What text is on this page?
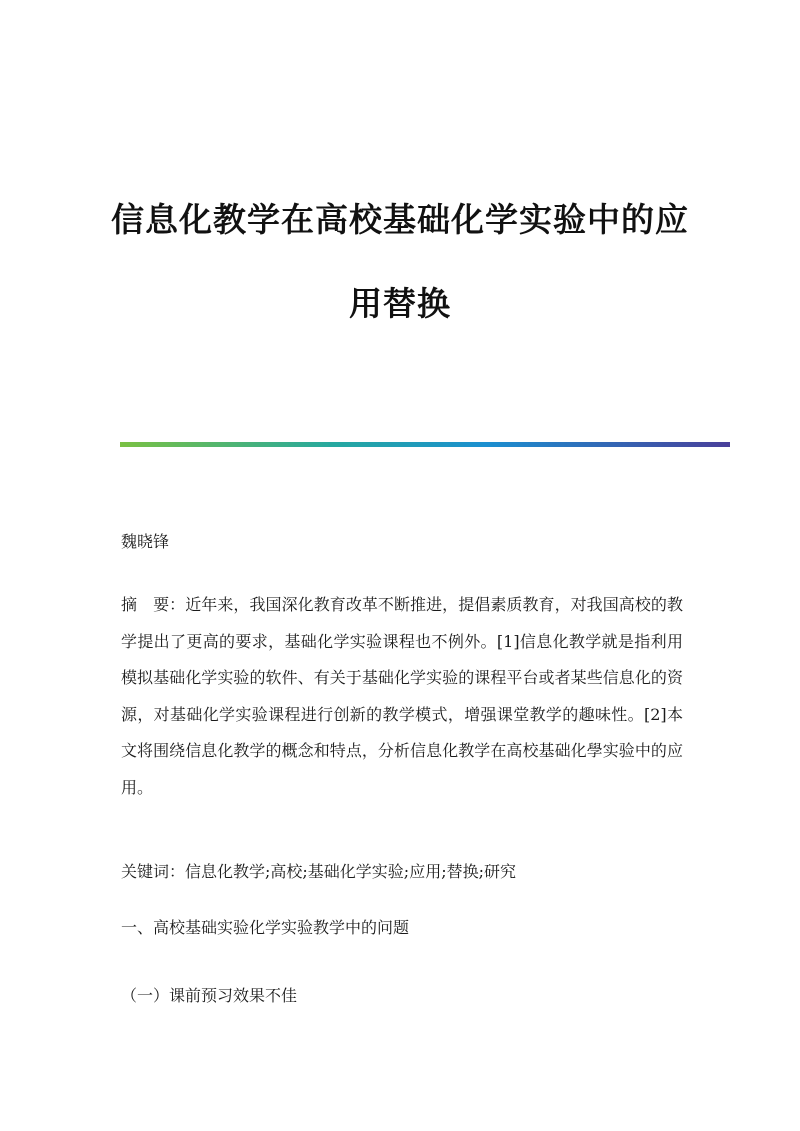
信息化教学在高校基础化学实验中的应
用替换
魏晓锋

摘　要：近年来，我国深化教育改革不断推进，提倡素质教育，对我国高校的教学提出了更高的要求，基础化学实验课程也不例外。[1]信息化教学就是指利用模拟基础化学实验的软件、有关于基础化学实验的课程平台或者某些信息化的资源，对基础化学实验课程进行创新的教学模式，增强课堂教学的趣味性。[2]本文将围绕信息化教学的概念和特点，分析信息化教学在高校基础化學实验中的应用。

关键词：信息化教学;高校;基础化学实验;应用;替换;研究
一、高校基础实验化学实验教学中的问题
（一）课前预习效果不佳
